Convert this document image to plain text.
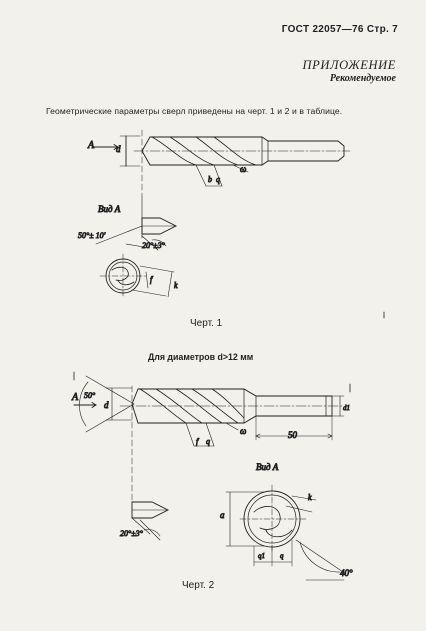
ГОСТ 22057—76 Стр. 7
ПРИЛОЖЕНИЕ
Рекомендуемое
Геометрические параметры сверл приведены на черт. 1 и 2 и в таблице.
A d
b q
ω
Вид А
50°± 10'
20°±3°
f
k
A 50°
d
f q
ω	50
d1
Вид А
a
k
q1 q
20°±3°
40°
Черт. 1
Для диаметров d>12 мм
Черт. 2
